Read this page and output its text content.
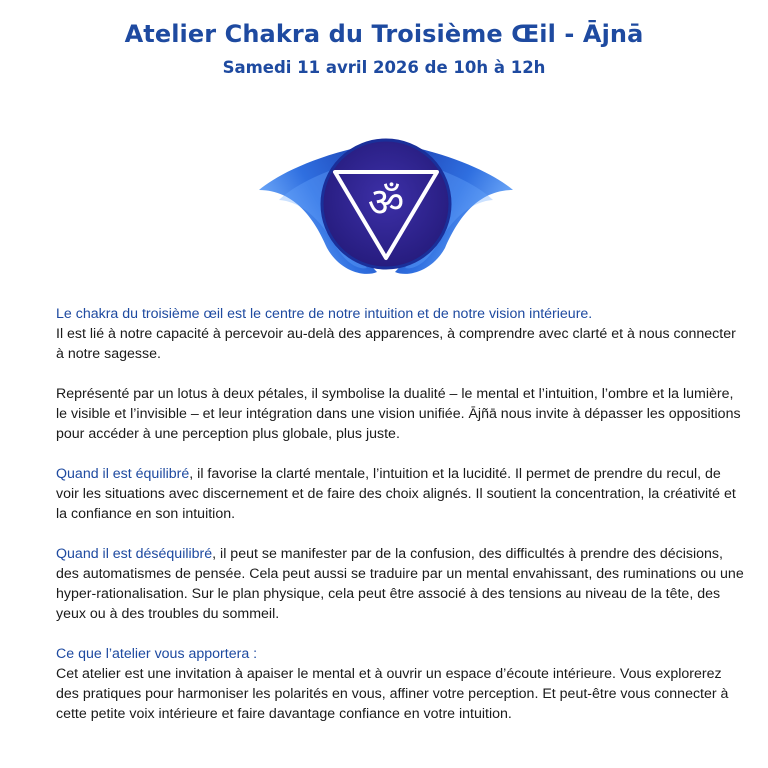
Atelier Chakra du Troisième Œil - Ājnā
Samedi 11 avril 2026 de 10h à 12h
ॐ

Le chakra du troisième œil est le centre de notre intuition et de notre vision intérieure.
Il est lié à notre capacité à percevoir au-delà des apparences, à comprendre avec clarté et à nous connecter à notre sagesse.

Représenté par un lotus à deux pétales, il symbolise la dualité – le mental et l’intuition, l’ombre et la lumière, le visible et l’invisible – et leur intégration dans une vision unifiée. Ājñā nous invite à dépasser les oppositions pour accéder à une perception plus globale, plus juste.

Quand il est équilibré, il favorise la clarté mentale, l’intuition et la lucidité. Il permet de prendre du recul, de voir les situations avec discernement et de faire des choix alignés. Il soutient la concentration, la créativité et la confiance en son intuition.

Quand il est déséquilibré, il peut se manifester par de la confusion, des difficultés à prendre des décisions, des automatismes de pensée. Cela peut aussi se traduire par un mental envahissant, des ruminations ou une hyper-rationalisation. Sur le plan physique, cela peut être associé à des tensions au niveau de la tête, des yeux ou à des troubles du sommeil.

Ce que l’atelier vous apportera :
Cet atelier est une invitation à apaiser le mental et à ouvrir un espace d’écoute intérieure. Vous explorerez des pratiques pour harmoniser les polarités en vous, affiner votre perception. Et peut-être vous connecter à cette petite voix intérieure et faire davantage confiance en votre intuition.
